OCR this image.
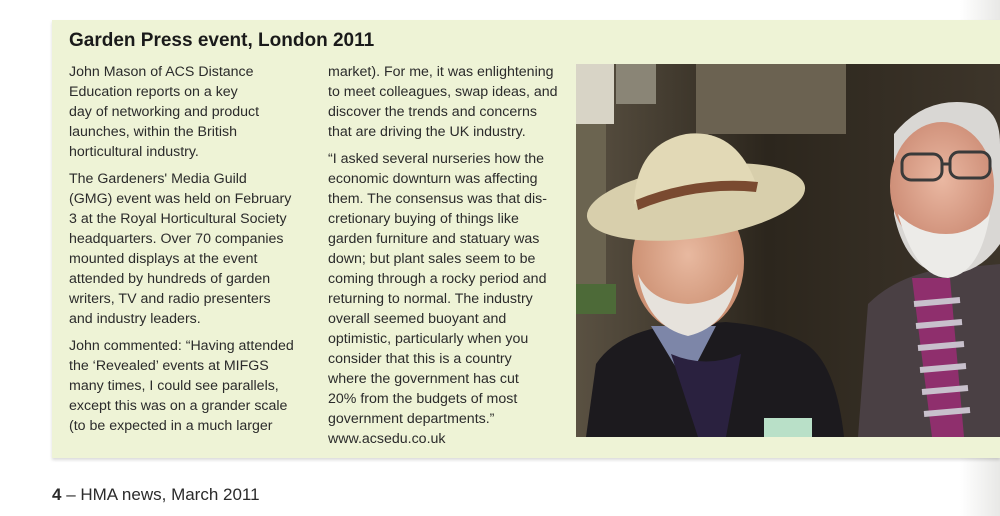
Garden Press event, London 2011

John Mason of ACS Distance
Education reports on a key
day of networking and product
launches, within the British
horticultural industry.

The Gardeners' Media Guild
(GMG) event was held on February
3 at the Royal Horticultural Society
headquarters. Over 70 companies
mounted displays at the event
attended by hundreds of garden
writers, TV and radio presenters
and industry leaders.

John commented: “Having attended
the ‘Revealed’ events at MIFGS
many times, I could see parallels,
except this was on a grander scale
(to be expected in a much larger

market). For me, it was enlightening
to meet colleagues, swap ideas, and
discover the trends and concerns
that are driving the UK industry.

“I asked several nurseries how the
economic downturn was affecting
them. The consensus was that dis-
cretionary buying of things like
garden furniture and statuary was
down; but plant sales seem to be
coming through a rocky period and
returning to normal. The industry
overall seemed buoyant and
optimistic, particularly when you
consider that this is a country
where the government has cut
20% from the budgets of most
government departments.”
www.acsedu.co.uk

4 – HMA news, March 2011
